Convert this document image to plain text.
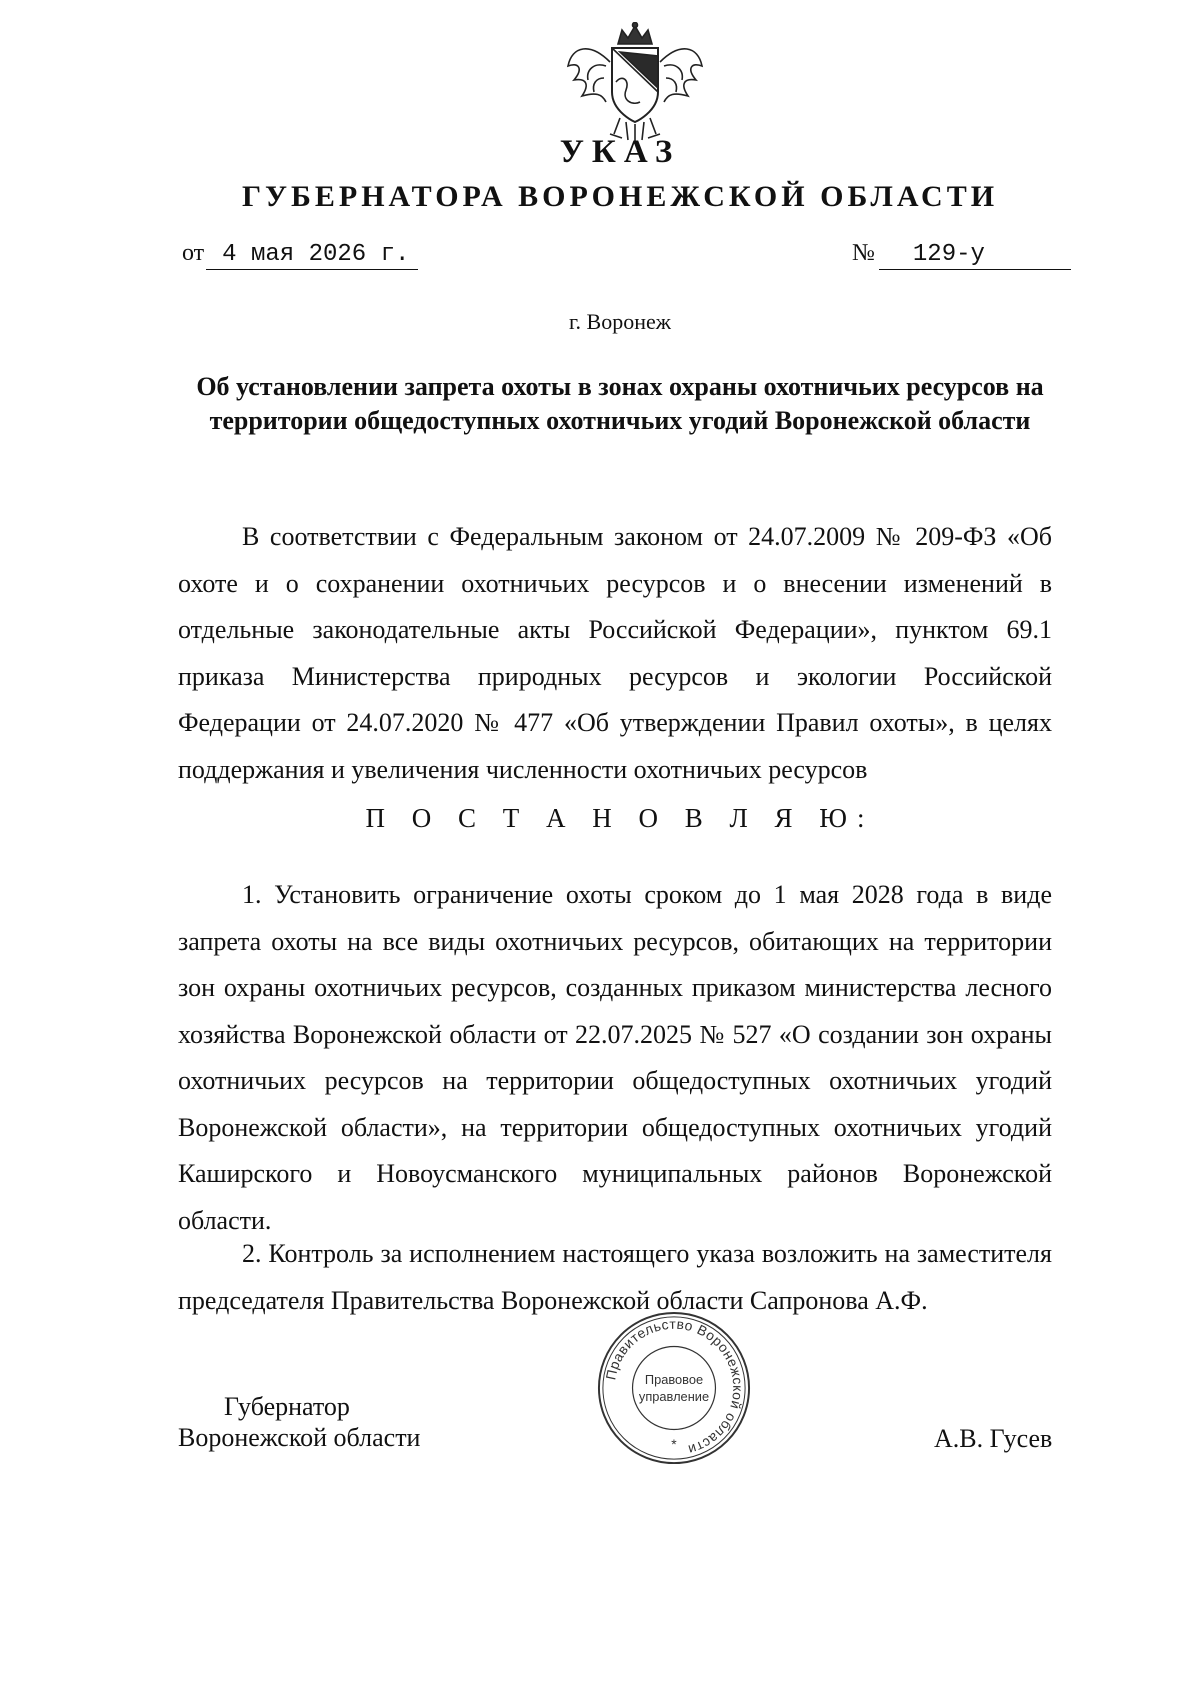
УКАЗ
ГУБЕРНАТОРА ВОРОНЕЖСКОЙ ОБЛАСТИ
от 4 мая 2026 г.	№ 129-у
г. Воронеж
Об установлении запрета охоты в зонах охраны охотничьих ресурсов на территории общедоступных охотничьих угодий Воронежской области

В соответствии с Федеральным законом от 24.07.2009 № 209-ФЗ «Об охоте и о сохранении охотничьих ресурсов и о внесении изменений в отдельные законодательные акты Российской Федерации», пунктом 69.1 приказа Министерства природных ресурсов и экологии Российской Федерации от 24.07.2020 № 477 «Об утверждении Правил охоты», в целях поддержания и увеличения численности охотничьих ресурсов

П О С Т А Н О В Л Я Ю:

1. Установить ограничение охоты сроком до 1 мая 2028 года в виде запрета охоты на все виды охотничьих ресурсов, обитающих на территории зон охраны охотничьих ресурсов, созданных приказом министерства лесного хозяйства Воронежской области от 22.07.2025 № 527 «О создании зон охраны охотничьих ресурсов на территории общедоступных охотничьих угодий Воронежской области», на территории общедоступных охотничьих угодий Каширского и Новоусманского муниципальных районов Воронежской области.

2. Контроль за исполнением настоящего указа возложить на заместителя председателя Правительства Воронежской области Сапронова А.Ф.

Губернатор
Воронежской области	А.В. Гусев
Правительство Воронежской области
Правовое
управление
*
